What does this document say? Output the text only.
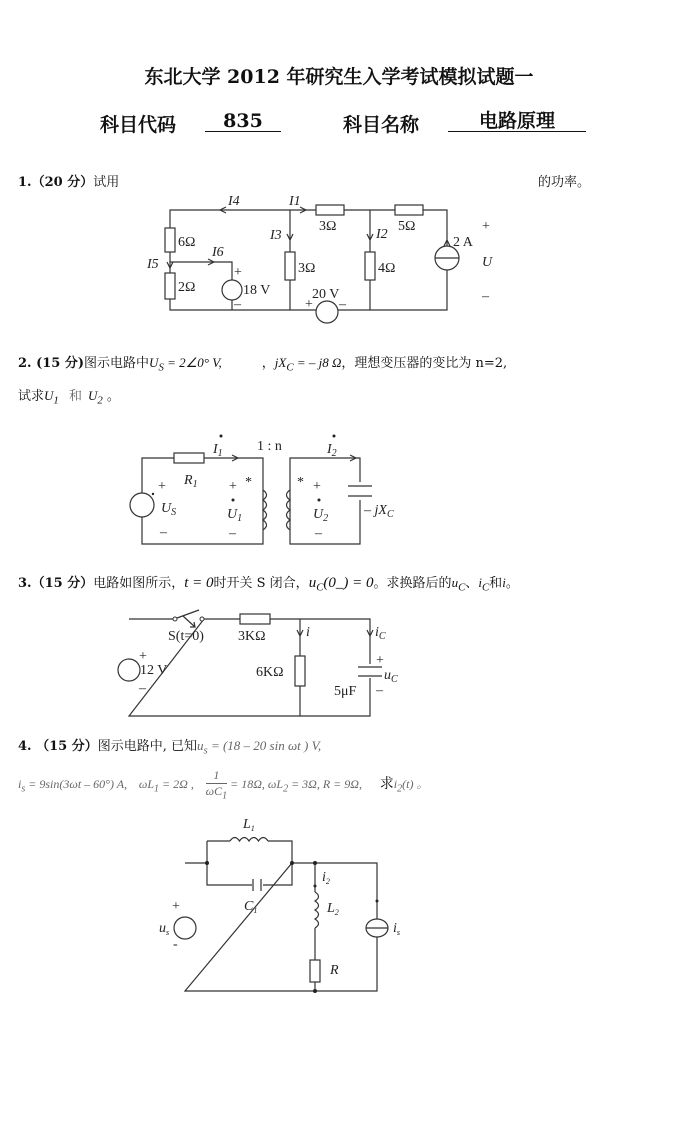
东北大学 2012 年研究生入学考试模拟试题一
科目代码	835	科目名称	电路原理
1.（20 分）试用	的功率。
I4	I1
I3	I2
I5
I6
6Ω
2Ω
3Ω
3Ω	5Ω
4Ω
18 V
+
–
20 V
+ –
2 A
+
U
–
2. (15 分)图示电路中$U_S$ = 2∠0° V,	，$jX_C$ = – j8 Ω，理想变压器的变比为 n=2,
试求$U_1$ 和 $U_2$ 。
$I_1$	$I_2$
1 : n
$R_1$
+
$U_S$
–
+ *
$U_1$
–
* +
$U_2$
–
– $jX_C$
3.（15 分）电路如图所示，t = 0时开关 S 闭合，$u_C(0\_) = 0$。求换路后的$u_C$、$i_C$和i。
S(t=0) 3KΩ
6KΩ
12 V
+
–	5μF
i	$i_C$
+
$u_C$
–
4. （15 分）图示电路中, 已知$u_s = (18 - 20$ sin ωt ) V,
$i_s = 9\sin(3\omega t - 60^\circ)$ A, $\omega L_1 = 2\Omega$ , $\frac{1}{\omega C_1} = 18\Omega$, $\omega L_2 = 3\Omega$, R = 9Ω, 求$i_2(t)$ 。
$L_1$
$C_1$
$i_2$
$L_2$
R
$u_s$
+
-
$i_s$
